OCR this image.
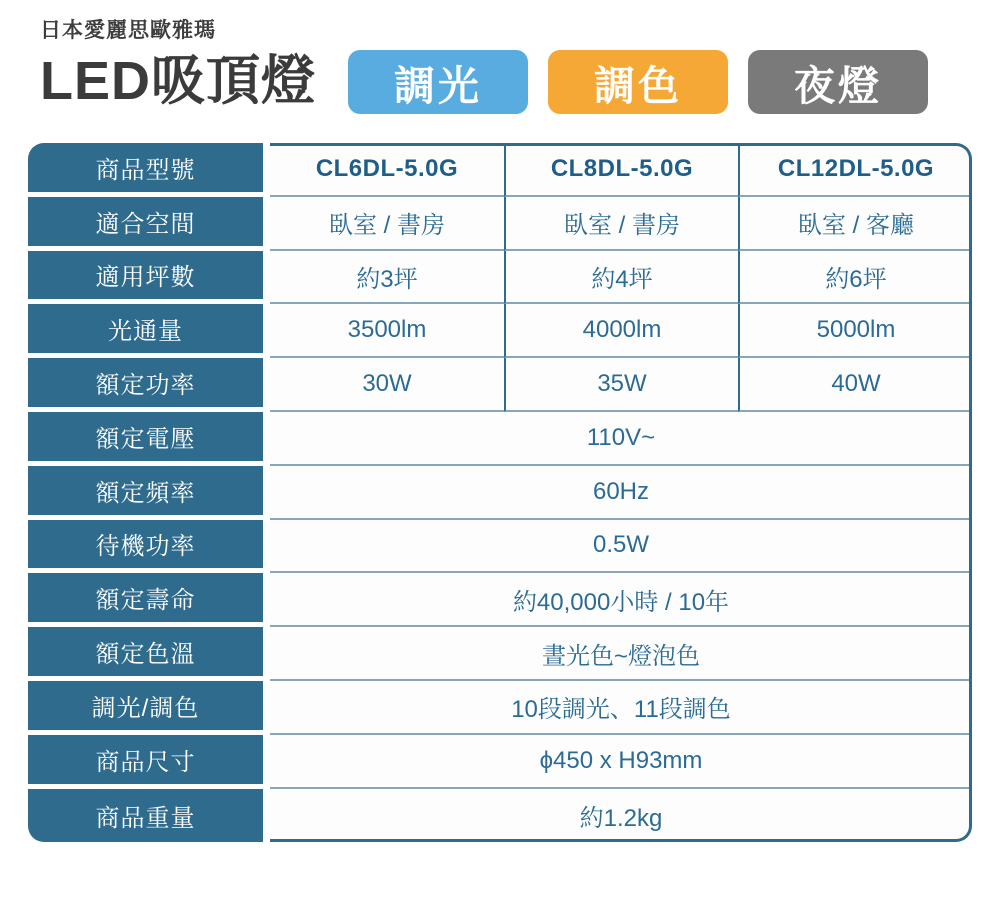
日本愛麗思歐雅瑪
LED吸頂燈	調光	調色	夜燈
商品型號	CL6DL-5.0G	CL8DL-5.0G	CL12DL-5.0G
適合空間	臥室 / 書房	臥室 / 書房	臥室 / 客廳
適用坪數	約3坪	約4坪	約6坪
光通量	3500lm	4000lm	5000lm
額定功率	30W	35W	40W
額定電壓	110V~
額定頻率	60Hz
待機功率	0.5W
額定壽命	約40,000小時 / 10年
額定色溫	晝光色~燈泡色
調光/調色	10段調光、11段調色
商品尺寸	ϕ450 x H93mm
商品重量	約1.2kg
